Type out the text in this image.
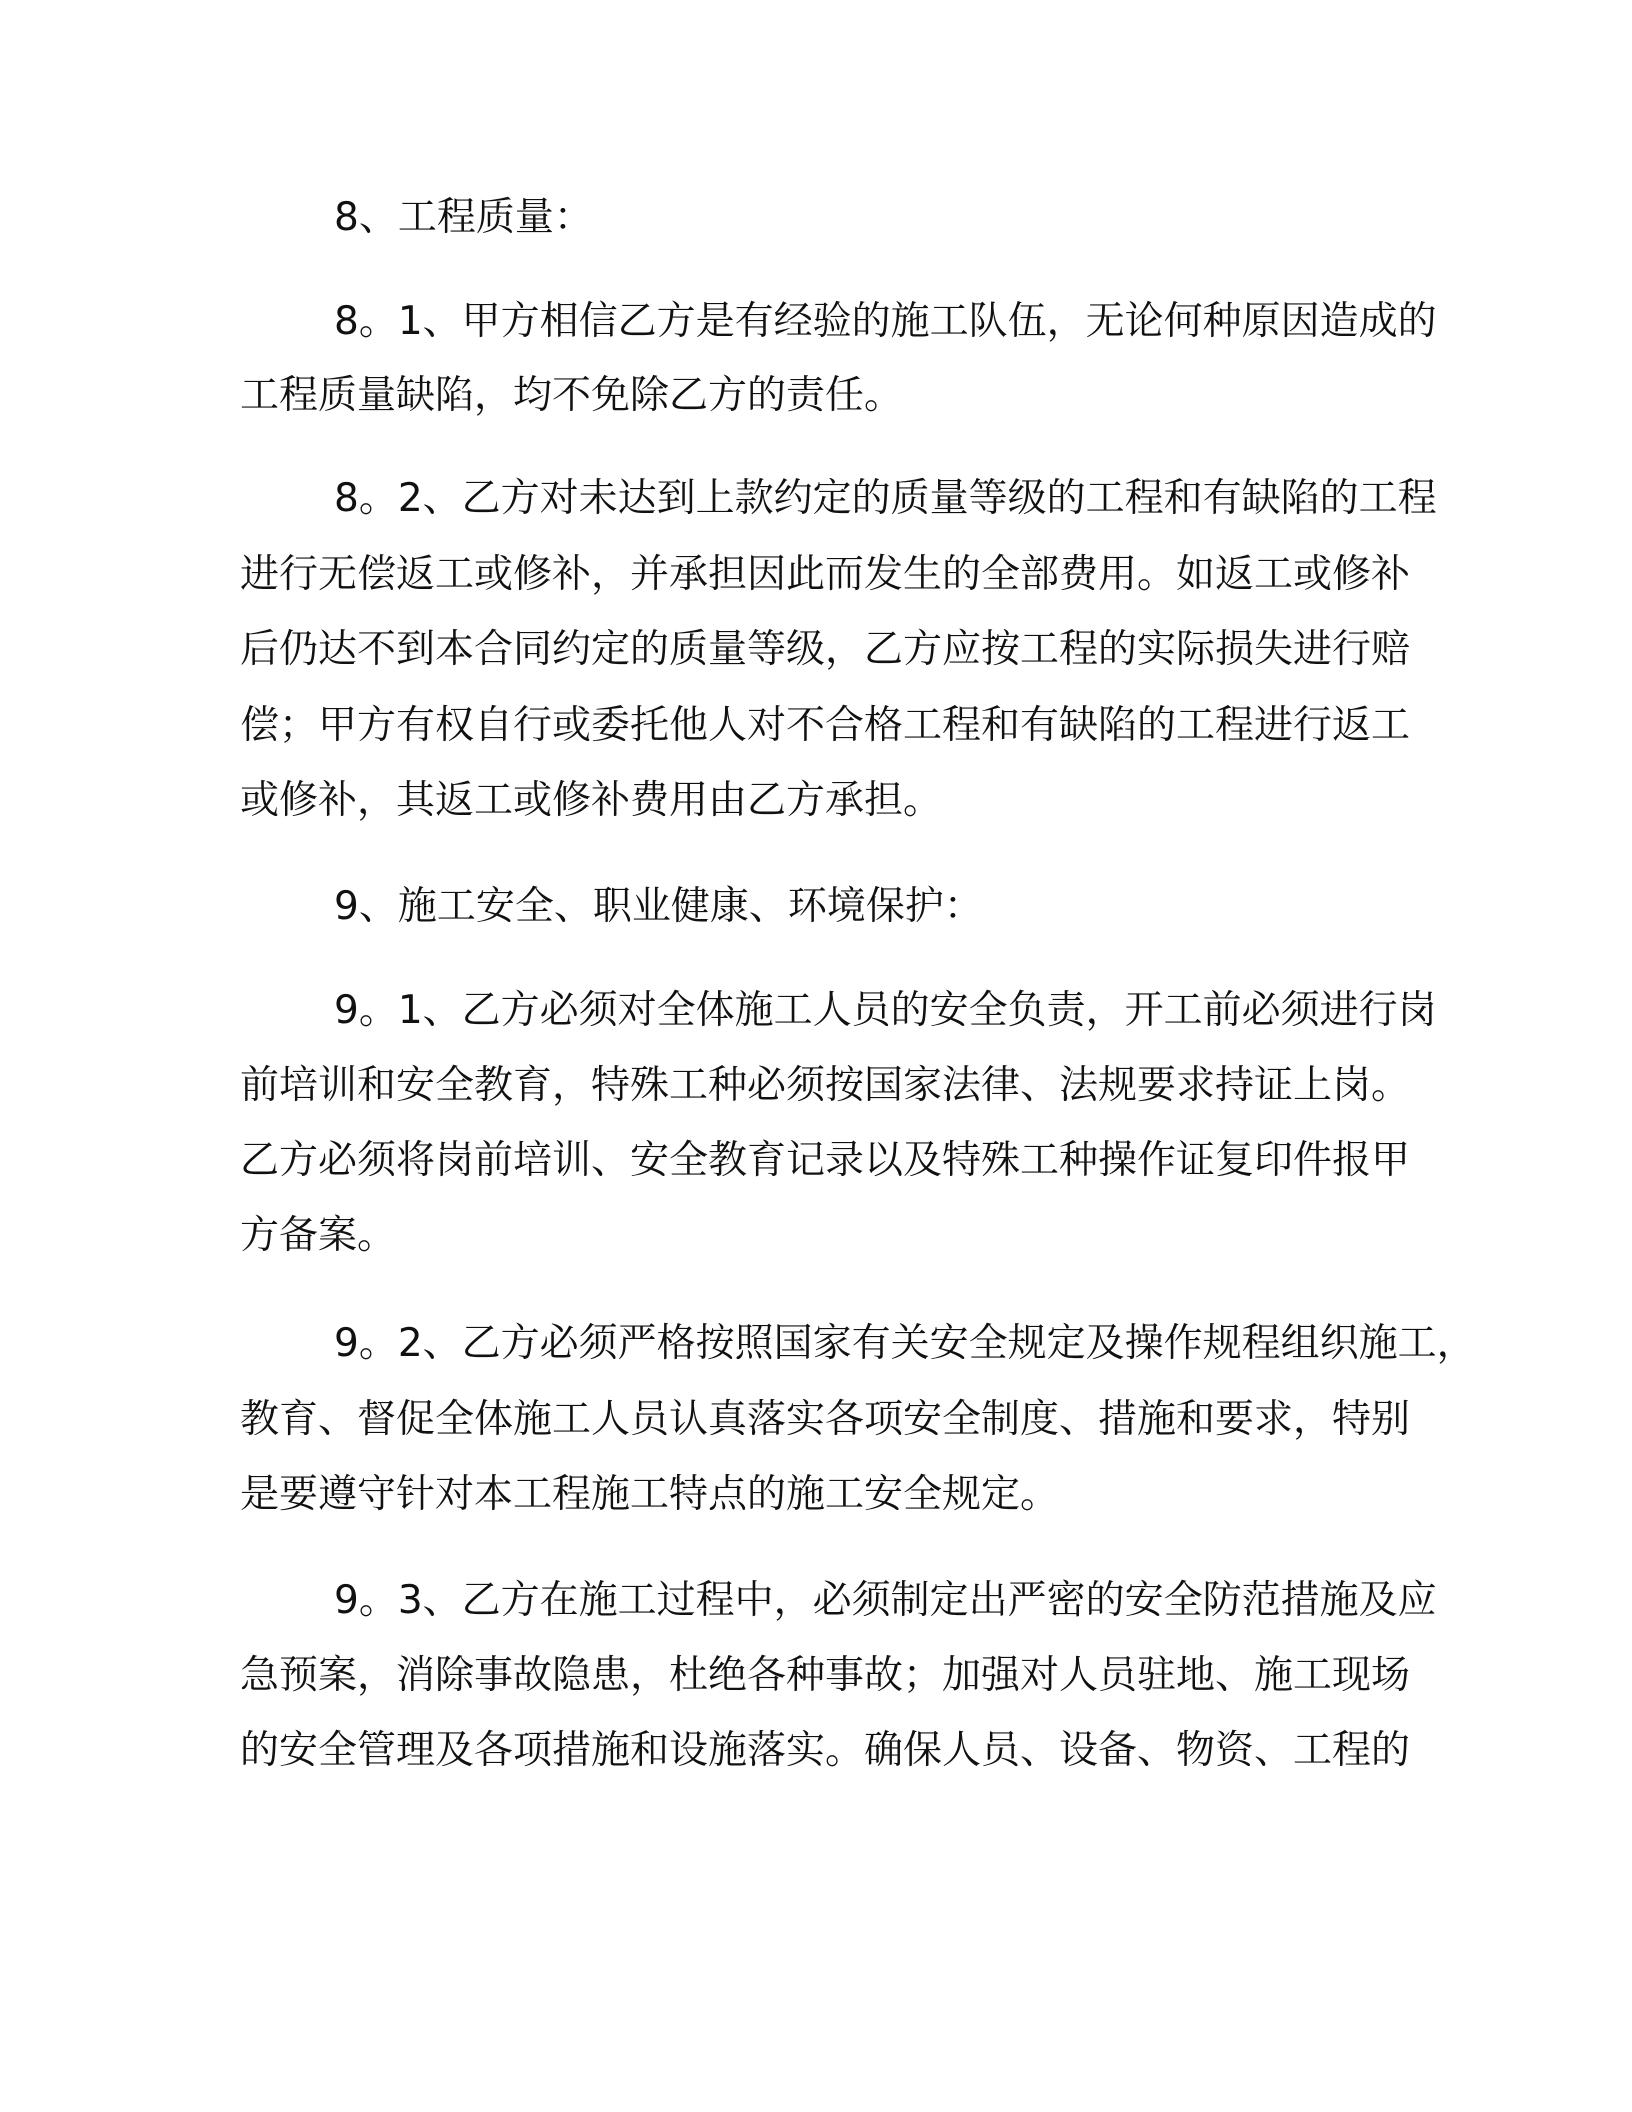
8、工程质量：
8。1、甲方相信乙方是有经验的施工队伍，无论何种原因造成的
工程质量缺陷，均不免除乙方的责任。
8。2、乙方对未达到上款约定的质量等级的工程和有缺陷的工程
进行无偿返工或修补，并承担因此而发生的全部费用。如返工或修补
后仍达不到本合同约定的质量等级，乙方应按工程的实际损失进行赔
偿；甲方有权自行或委托他人对不合格工程和有缺陷的工程进行返工
或修补，其返工或修补费用由乙方承担。
9、施工安全、职业健康、环境保护：
9。1、乙方必须对全体施工人员的安全负责，开工前必须进行岗
前培训和安全教育，特殊工种必须按国家法律、法规要求持证上岗。
乙方必须将岗前培训、安全教育记录以及特殊工种操作证复印件报甲
方备案。
9。2、乙方必须严格按照国家有关安全规定及操作规程组织施工，
教育、督促全体施工人员认真落实各项安全制度、措施和要求，特别
是要遵守针对本工程施工特点的施工安全规定。
9。3、乙方在施工过程中，必须制定出严密的安全防范措施及应
急预案，消除事故隐患，杜绝各种事故；加强对人员驻地、施工现场
的安全管理及各项措施和设施落实。确保人员、设备、物资、工程的
